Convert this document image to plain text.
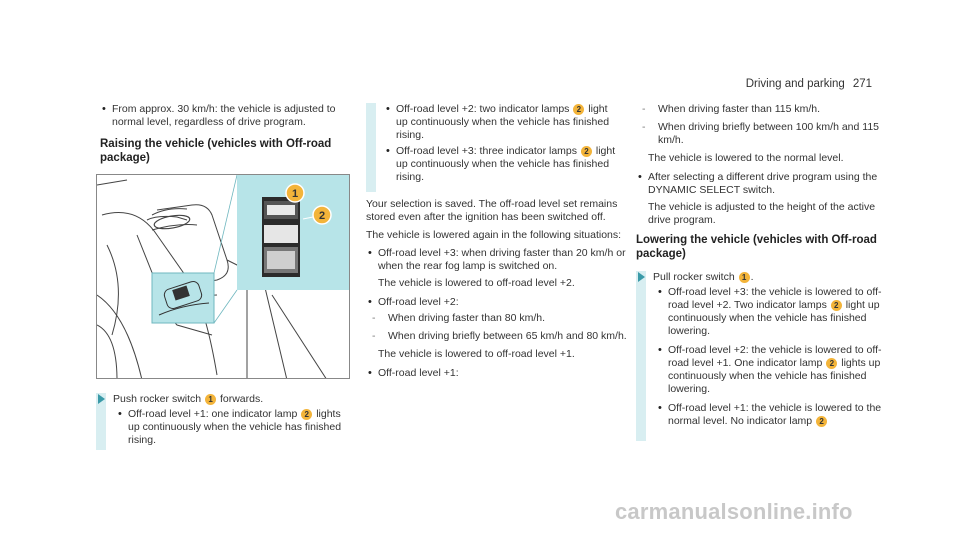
Driving and parking 271
• From approx. 30 km/h: the vehicle is adjusted to normal level, regardless of drive program.
Raising the vehicle (vehicles with Off-road package)
1
2
Push rocker switch 1 forwards.
• Off-road level +1: one indicator lamp 2 lights up continuously when the vehicle has finished rising.
• Off-road level +2: two indicator lamps 2 light up continuously when the vehicle has finished rising.
• Off-road level +3: three indicator lamps 2 light up continuously when the vehicle has finished rising.
Your selection is saved. The off-road level set remains stored even after the ignition has been switched off.
The vehicle is lowered again in the following situations:
• Off-road level +3: when driving faster than 20 km/h or when the rear fog lamp is switched on.
The vehicle is lowered to off-road level +2.
• Off-road level +2:
- When driving faster than 80 km/h.
- When driving briefly between 65 km/h and 80 km/h.
The vehicle is lowered to off-road level +1.
• Off-road level +1:
- When driving faster than 115 km/h.
- When driving briefly between 100 km/h and 115 km/h.
The vehicle is lowered to the normal level.
• After selecting a different drive program using the DYNAMIC SELECT switch.
The vehicle is adjusted to the height of the active drive program.
Lowering the vehicle (vehicles with Off-road package)
Pull rocker switch 1 .
• Off-road level +3: the vehicle is lowered to off-road level +2. Two indicator lamps 2 light up continuously when the vehicle has finished lowering.
• Off-road level +2: the vehicle is lowered to off-road level +1. One indicator lamp 2 lights up continuously when the vehicle has finished lowering.
• Off-road level +1: the vehicle is lowered to the normal level. No indicator lamp 2
carmanualsonline.info
